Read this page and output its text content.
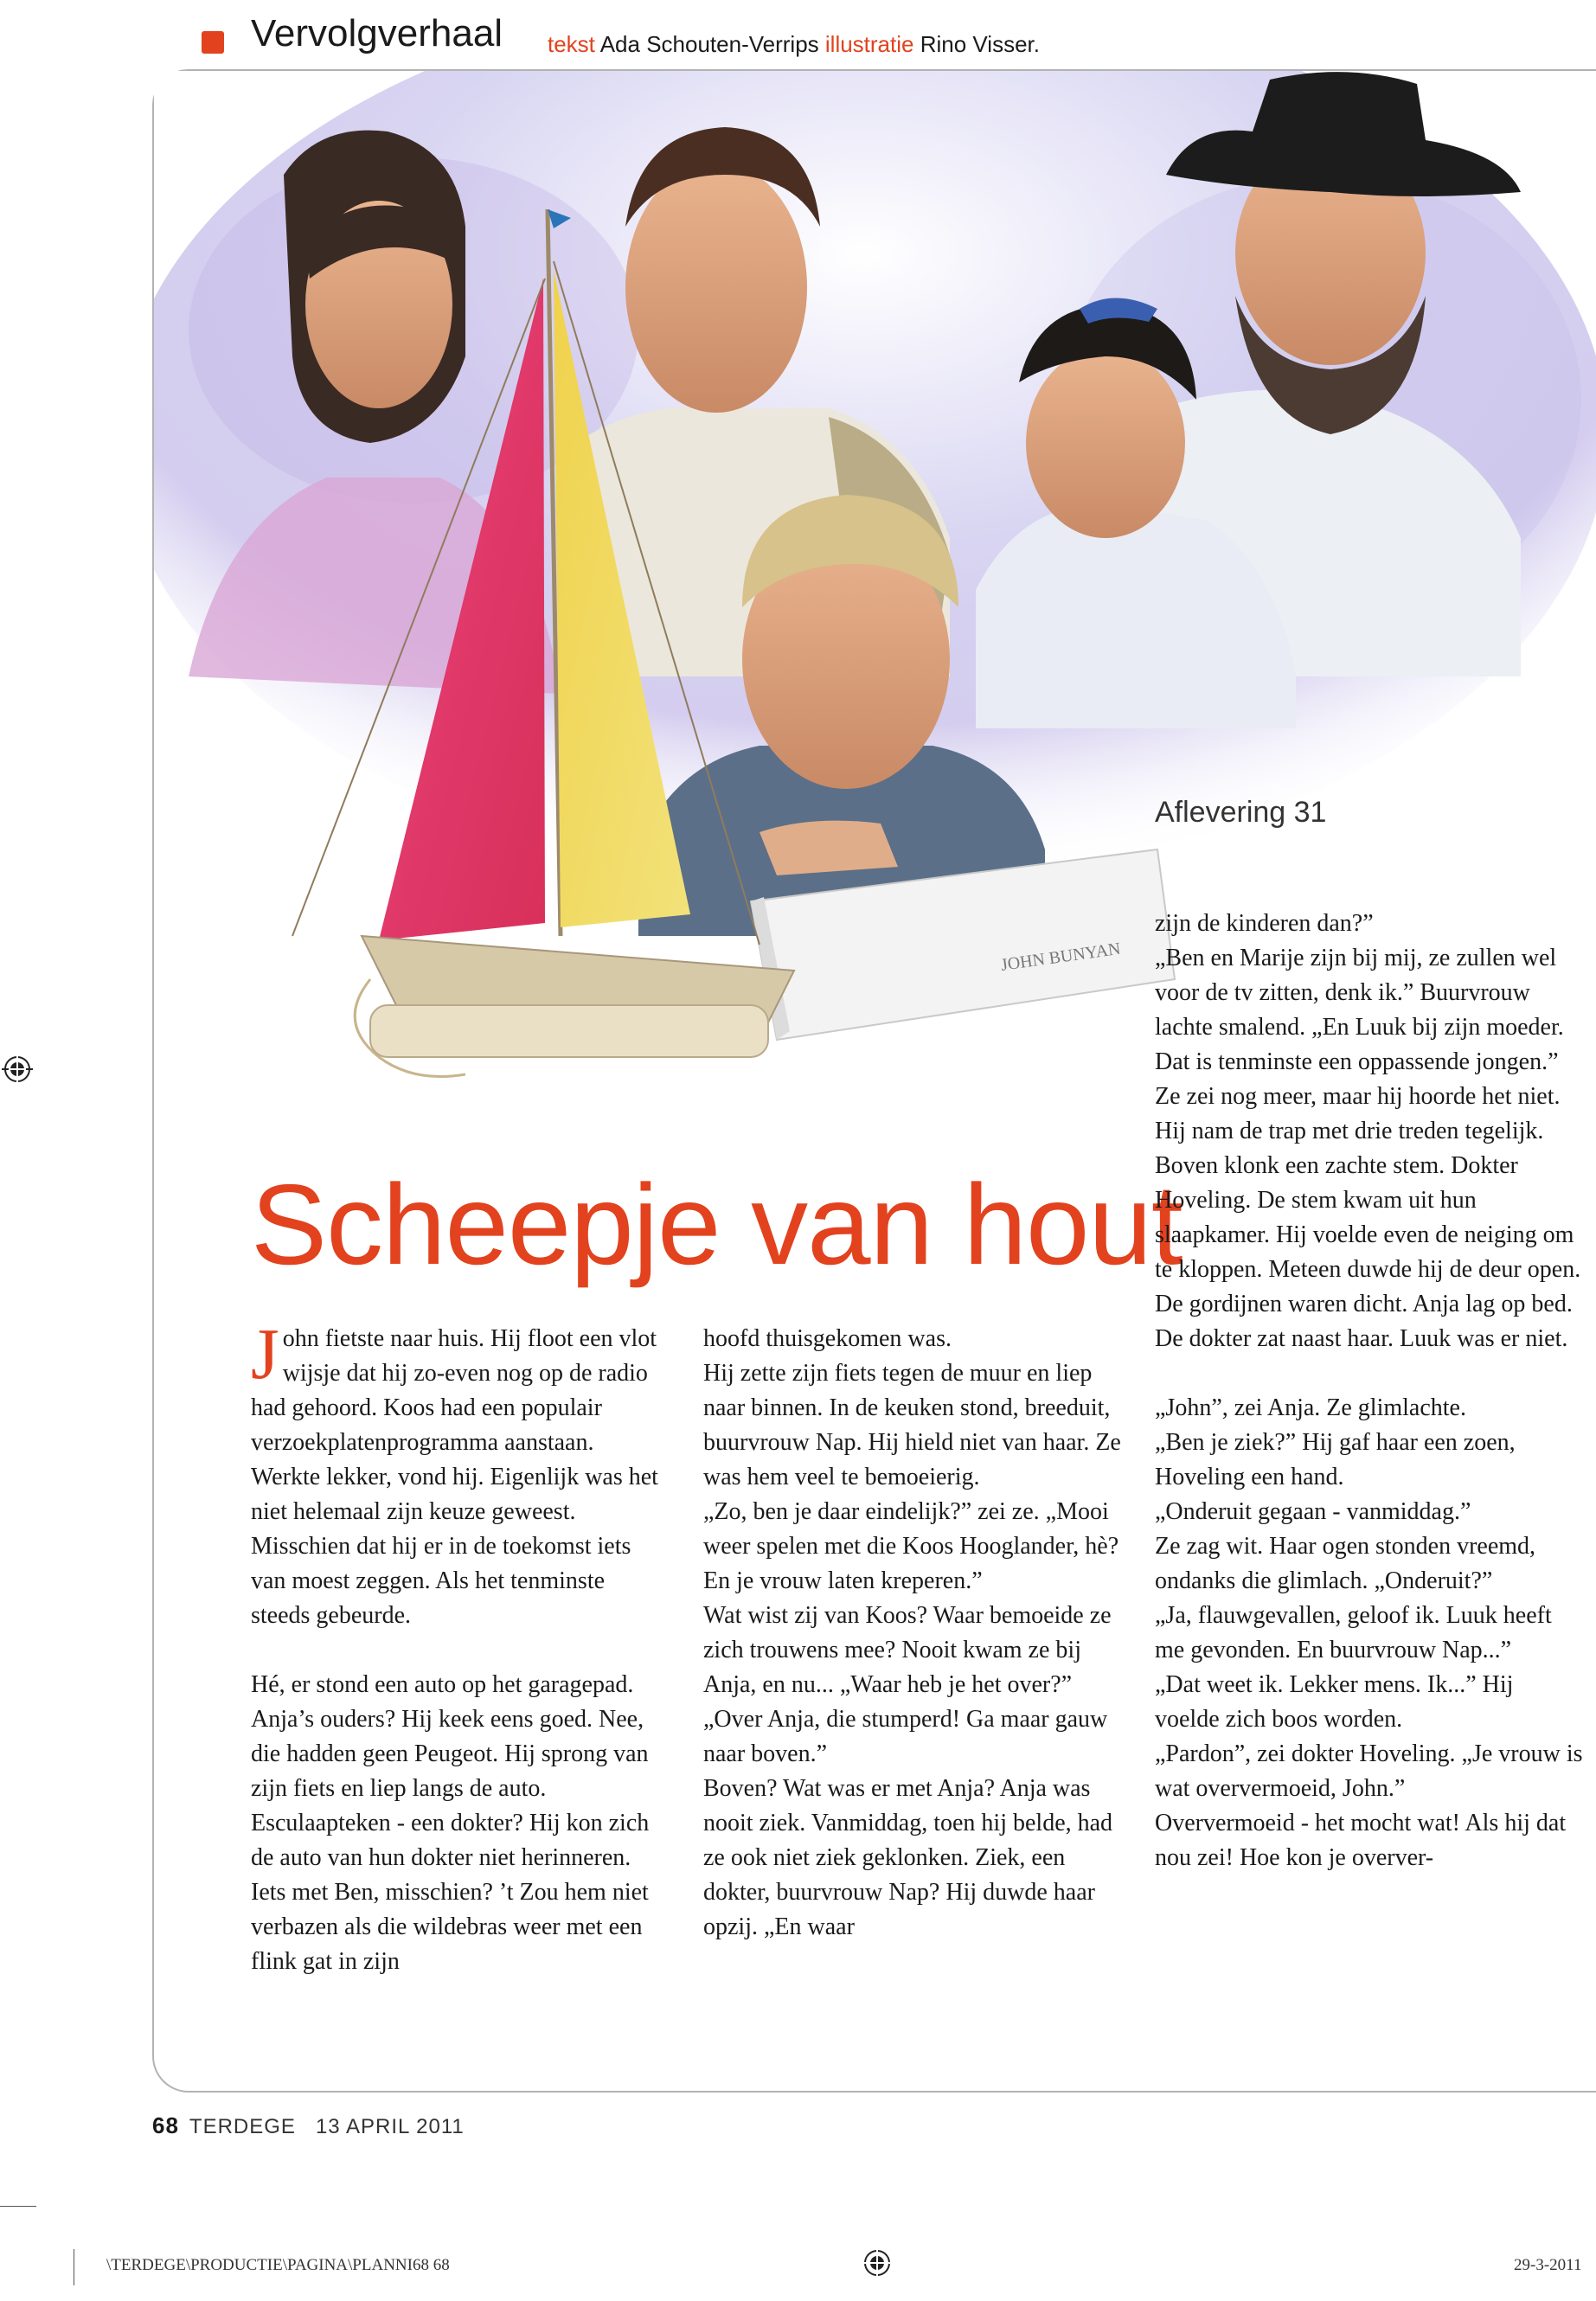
Vervolgverhaal tekst Ada Schouten-Verrips illustratie Rino Visser.
JOHN BUNYAN
Aflevering 31
Scheepje van hout

John fietste naar huis. Hij floot een vlot wijsje dat hij zo-even nog op de radio had gehoord. Koos had een populair verzoekplatenprogramma aanstaan. Werkte lekker, vond hij. Eigenlijk was het niet helemaal zijn keuze geweest. Misschien dat hij er in de toekomst iets van moest zeggen. Als het tenminste steeds gebeurde.

Hé, er stond een auto op het garagepad. Anja’s ouders? Hij keek eens goed. Nee, die hadden geen Peugeot. Hij sprong van zijn fiets en liep langs de auto.

Esculaapteken - een dokter? Hij kon zich de auto van hun dokter niet herinneren. Iets met Ben, misschien? ’t Zou hem niet verbazen als die wildebras weer met een flink gat in zijn

hoofd thuisgekomen was.

Hij zette zijn fiets tegen de muur en liep naar binnen. In de keuken stond, breeduit, buurvrouw Nap. Hij hield niet van haar. Ze was hem veel te bemoeierig.

„Zo, ben je daar eindelijk?” zei ze. „Mooi weer spelen met die Koos Hooglander, hè? En je vrouw laten kreperen.”

Wat wist zij van Koos? Waar bemoeide ze zich trouwens mee? Nooit kwam ze bij Anja, en nu... „Waar heb je het over?”

„Over Anja, die stumperd! Ga maar gauw naar boven.”

Boven? Wat was er met Anja? Anja was nooit ziek. Vanmiddag, toen hij belde, had ze ook niet ziek geklonken. Ziek, een dokter, buurvrouw Nap? Hij duwde haar opzij. „En waar

zijn de kinderen dan?”

„Ben en Marije zijn bij mij, ze zullen wel voor de tv zitten, denk ik.” Buurvrouw lachte smalend. „En Luuk bij zijn moeder. Dat is tenminste een oppassende jongen.”

Ze zei nog meer, maar hij hoorde het niet. Hij nam de trap met drie treden tegelijk. Boven klonk een zachte stem. Dokter Hoveling. De stem kwam uit hun slaapkamer. Hij voelde even de neiging om te kloppen. Meteen duwde hij de deur open.

De gordijnen waren dicht. Anja lag op bed. De dokter zat naast haar. Luuk was er niet.

„John”, zei Anja. Ze glimlachte.

„Ben je ziek?” Hij gaf haar een zoen, Hoveling een hand.

„Onderuit gegaan - vanmiddag.”

Ze zag wit. Haar ogen stonden vreemd, ondanks die glimlach. „Onderuit?”

„Ja, flauwgevallen, geloof ik. Luuk heeft me gevonden. En buurvrouw Nap...”

„Dat weet ik. Lekker mens. Ik...” Hij voelde zich boos worden.

„Pardon”, zei dokter Hoveling. „Je vrouw is wat oververmoeid, John.”

Oververmoeid - het mocht wat! Als hij dat nou zei! Hoe kon je overver-

68 TERDEGE 13 APRIL 2011
\TERDEGE\PRODUCTIE\PAGINA\PLANNI68 68	29-3-2011
